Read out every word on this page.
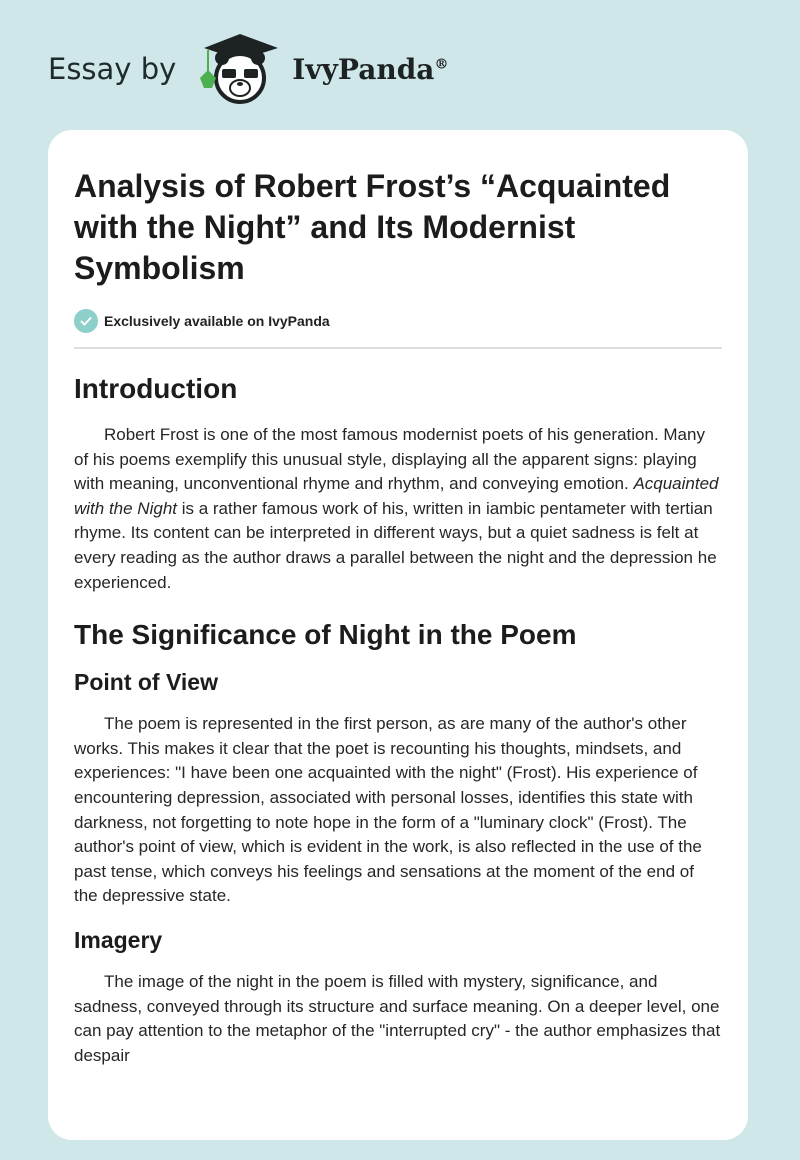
Essay by	IvyPanda®
Analysis of Robert Frost’s “Acquainted with the Night” and Its Modernist Symbolism
Exclusively available on IvyPanda
Introduction

Robert Frost is one of the most famous modernist poets of his generation. Many of his poems exemplify this unusual style, displaying all the apparent signs: playing with meaning, unconventional rhyme and rhythm, and conveying emotion. Acquainted with the Night is a rather famous work of his, written in iambic pentameter with tertian rhyme. Its content can be interpreted in different ways, but a quiet sadness is felt at every reading as the author draws a parallel between the night and the depression he experienced.

The Significance of Night in the Poem
Point of View

The poem is represented in the first person, as are many of the author's other works. This makes it clear that the poet is recounting his thoughts, mindsets, and experiences: "I have been one acquainted with the night" (Frost). His experience of encountering depression, associated with personal losses, identifies this state with darkness, not forgetting to note hope in the form of a "luminary clock" (Frost). The author's point of view, which is evident in the work, is also reflected in the use of the past tense, which conveys his feelings and sensations at the moment of the end of the depressive state.

Imagery

The image of the night in the poem is filled with mystery, significance, and sadness, conveyed through its structure and surface meaning. On a deeper level, one can pay attention to the metaphor of the "interrupted cry" - the author emphasizes that despair
